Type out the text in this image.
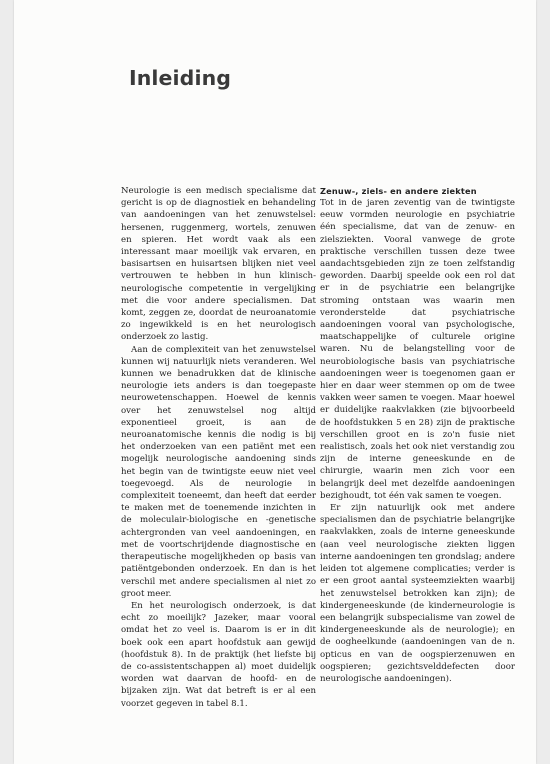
Inleiding

Neurologie is een medisch specialisme dat gericht is op de diagnostiek en behandeling van aandoeningen van het zenuwstelsel: hersenen, ruggenmerg, wortels, zenuwen en spieren. Het wordt vaak als een interessant maar moeilijk vak ervaren, en basisartsen en huisartsen blijken niet veel vertrouwen te hebben in hun klinisch-neurologische competentie in vergelijking met die voor andere specialismen. Dat komt, zeggen ze, doordat de neuroanatomie zo ingewikkeld is en het neurologisch onderzoek zo lastig.

Aan de complexiteit van het zenuwstelsel kunnen wij natuurlijk niets veranderen. Wel kunnen we benadrukken dat de klinische neurologie iets anders is dan toegepaste neurowetenschappen. Hoewel de kennis over het zenuwstelsel nog altijd exponentieel groeit, is aan de neuroanatomische kennis die nodig is bij het onderzoeken van een patiënt met een mogelijk neurologische aandoening sinds het begin van de twintigste eeuw niet veel toegevoegd. Als de neurologie in complexiteit toeneemt, dan heeft dat eerder te maken met de toenemende inzichten in de moleculair-biologische en -genetische achtergronden van veel aandoeningen, en met de voortschrijdende diagnostische en therapeutische mogelijkheden op basis van patiëntgebonden onderzoek. En dan is het verschil met andere specialismen al niet zo groot meer.

En het neurologisch onderzoek, is dat echt zo moeilijk? Jazeker, maar vooral omdat het zo veel is. Daarom is er in dit boek ook een apart hoofdstuk aan gewijd (hoofdstuk 8). In de praktijk (het liefste bij de co-assistentschappen al) moet duidelijk worden wat daarvan de hoofd- en de bijzaken zijn. Wat dat betreft is er al een voorzet gegeven in tabel 8.1.

Zenuw-, ziels- en andere ziekten

Tot in de jaren zeventig van de twintigste eeuw vormden neurologie en psychiatrie één specialisme, dat van de zenuw- en zielsziekten. Vooral vanwege de grote praktische verschillen tussen deze twee aandachtsgebieden zijn ze toen zelfstandig geworden. Daarbij speelde ook een rol dat er in de psychiatrie een belangrijke stroming ontstaan was waarin men veronderstelde dat psychiatrische aandoeningen vooral van psychologische, maatschappelijke of culturele origine waren. Nu de belangstelling voor de neurobiologische basis van psychiatrische aandoeningen weer is toegenomen gaan er hier en daar weer stemmen op om de twee vakken weer samen te voegen. Maar hoewel er duidelijke raakvlakken (zie bijvoorbeeld de hoofdstukken 5 en 28) zijn de praktische verschillen groot en is zo'n fusie niet realistisch, zoals het ook niet verstandig zou zijn de interne geneeskunde en de chirurgie, waarin men zich voor een belangrijk deel met dezelfde aandoeningen bezighoudt, tot één vak samen te voegen.

Er zijn natuurlijk ook met andere specialismen dan de psychiatrie belangrijke raakvlakken, zoals de interne geneeskunde (aan veel neurologische ziekten liggen interne aandoeningen ten grondslag; andere leiden tot algemene complicaties; verder is er een groot aantal systeemziekten waarbij het zenuwstelsel betrokken kan zijn); de kindergeneeskunde (de kinderneurologie is een belangrijk subspecialisme van zowel de kindergeneeskunde als de neurologie); en de oogheelkunde (aandoeningen van de n. opticus en van de oogspierzenuwen en oogspieren; gezichtsvelddefecten door neurologische aandoeningen).
